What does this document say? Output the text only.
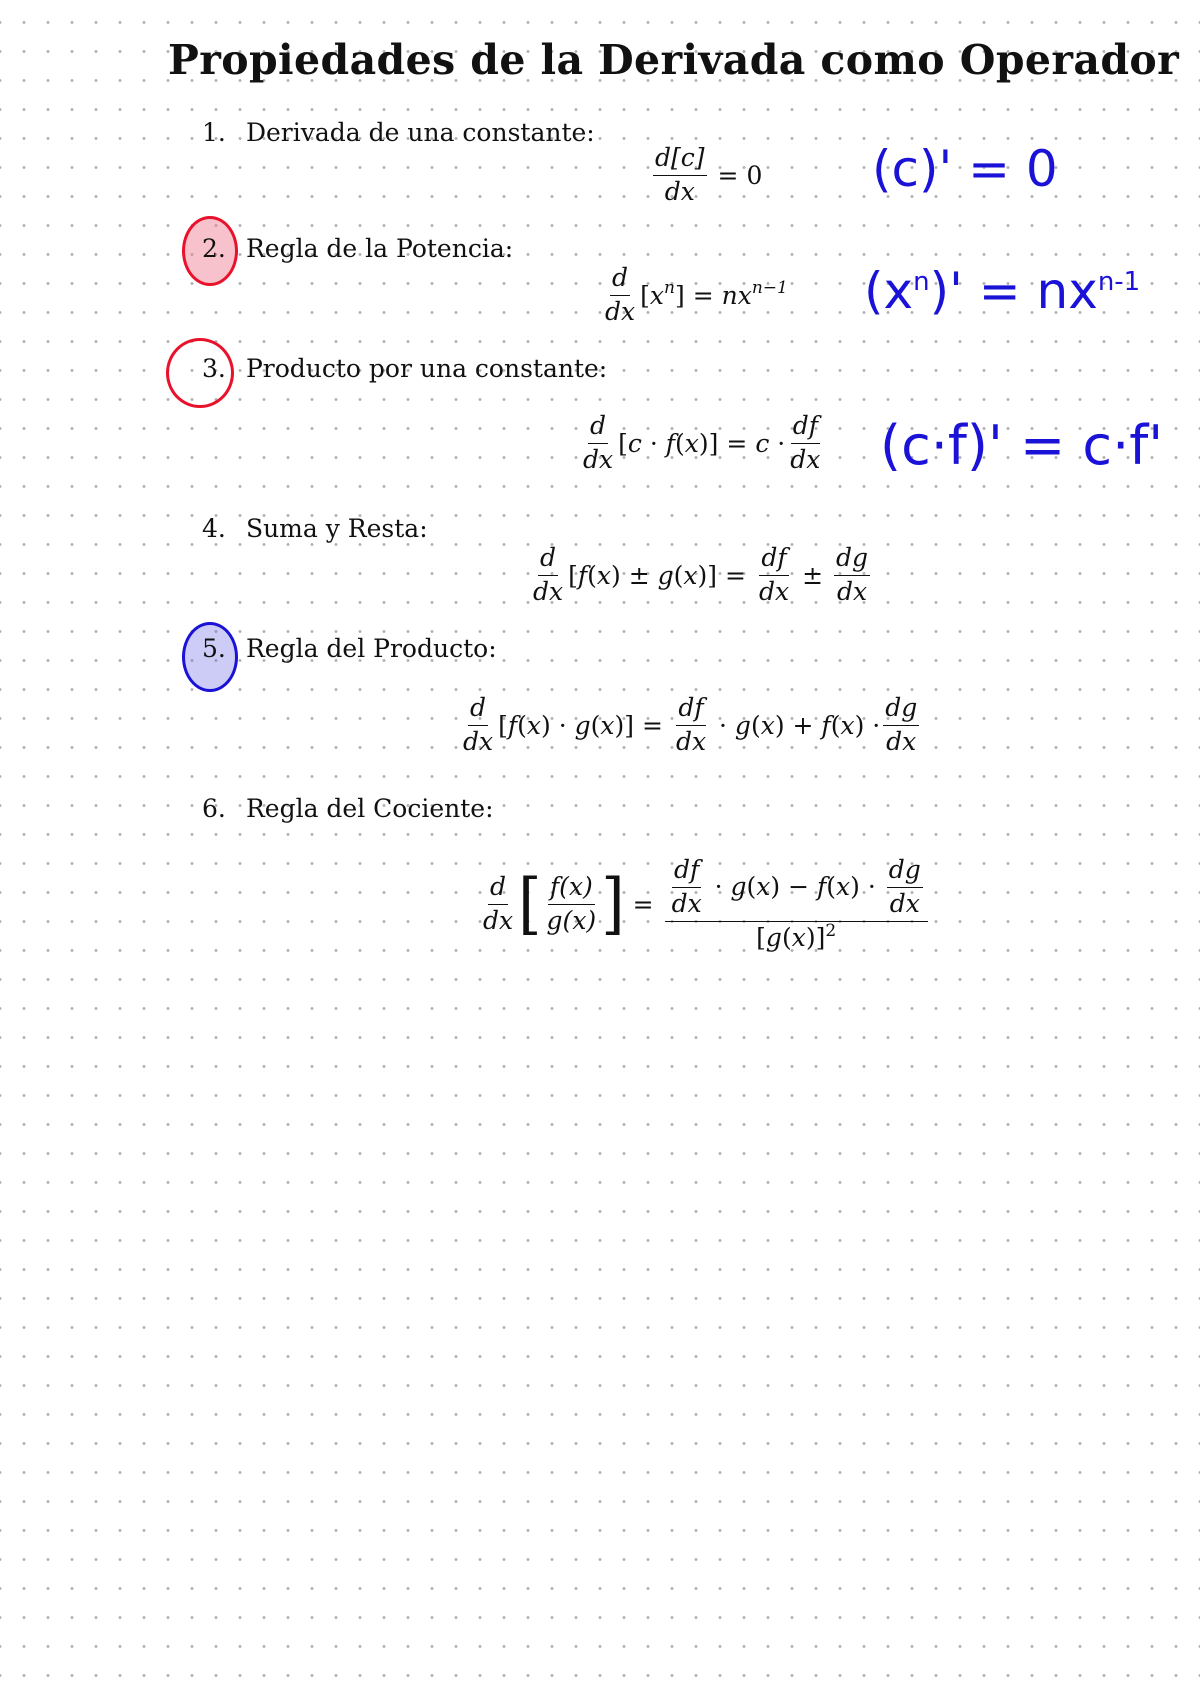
Propiedades de la Derivada como Operador
1. Derivada de una constante:
$\frac{d[c]}{dx} = 0$
2. Regla de la Potencia:
$\frac{d}{dx} [x^n] = nx^{n-1}$
3. Producto por una constante:
$\frac{d}{dx} [c \cdot f(x)] = c \cdot \frac{df}{dx}$
4. Suma y Resta:
$\frac{d}{dx} [f(x) \pm g(x)] = \frac{df}{dx} \pm \frac{dg}{dx}$
5. Regla del Producto:
$\frac{d}{dx} [f(x) \cdot g(x)] = \frac{df}{dx} \cdot g(x) + f(x) \cdot \frac{dg}{dx}$
6. Regla del Cociente:
$\frac{d}{dx}$ [ $\frac{f(x)}{g(x)}$ ] = $\frac{\frac{df}{dx} \cdot g(x) - f(x) \cdot \frac{dg}{dx}}{[g(x)]^2}$
(c)' = 0
$(x^n)' = nx^{n-1}$
(c·f)' = c·f'
